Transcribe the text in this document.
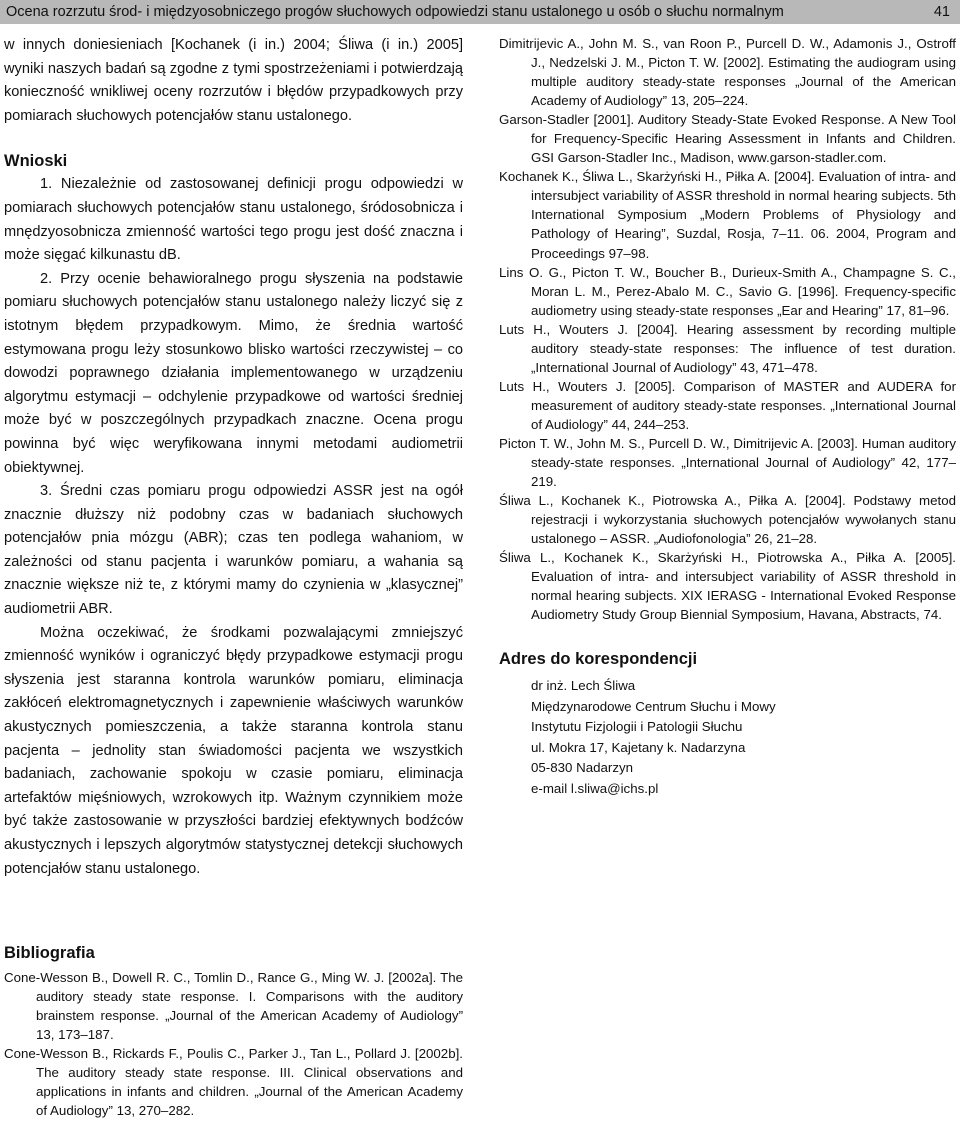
Ocena rozrzutu środ- i międzyosobniczego progów słuchowych odpowiedzi stanu ustalonego u osób o słuchu normalnym	41

w innych doniesieniach [Kochanek (i in.) 2004; Śliwa (i in.) 2005] wyniki naszych badań są zgodne z tymi spostrzeżeniami i potwierdzają konieczność wnikliwej oceny rozrzutów i błędów przypadkowych przy pomiarach słuchowych potencjałów stanu ustalonego.

Wnioski

1. Niezależnie od zastosowanej definicji progu odpowiedzi w pomiarach słuchowych potencjałów stanu ustalonego, śródosobnicza i mnędzyosobnicza zmienność wartości tego progu jest dość znaczna i może sięgać kilkunastu dB.

2. Przy ocenie behawioralnego progu słyszenia na podstawie pomiaru słuchowych potencjałów stanu ustalonego należy liczyć się z istotnym błędem przypadkowym. Mimo, że średnia wartość estymowana progu leży stosunkowo blisko wartości rzeczywistej – co dowodzi poprawnego działania implementowanego w urządzeniu algorytmu estymacji – odchylenie przypadkowe od wartości średniej może być w poszczególnych przypadkach znaczne. Ocena progu powinna być więc weryfikowana innymi metodami audiometrii obiektywnej.

3. Średni czas pomiaru progu odpowiedzi ASSR jest na ogół znacznie dłuższy niż podobny czas w badaniach słuchowych potencjałów pnia mózgu (ABR); czas ten podlega wahaniom, w zależności od stanu pacjenta i warunków pomiaru, a wahania są znacznie większe niż te, z którymi mamy do czynienia w „klasycznej” audiometrii ABR.

Można oczekiwać, że środkami pozwalającymi zmniejszyć zmienność wyników i ograniczyć błędy przypadkowe estymacji progu słyszenia jest staranna kontrola warunków pomiaru, eliminacja zakłóceń elektromagnetycznych i zapewnienie właściwych warunków akustycznych pomieszczenia, a także staranna kontrola stanu pacjenta – jednolity stan świadomości pacjenta we wszystkich badaniach, zachowanie spokoju w czasie pomiaru, eliminacja artefaktów mięśniowych, wzrokowych itp. Ważnym czynnikiem może być także zastosowanie w przyszłości bardziej efektywnych bodźców akustycznych i lepszych algorytmów statystycznej detekcji słuchowych potencjałów stanu ustalonego.

Bibliografia

Cone-Wesson B., Dowell R. C., Tomlin D., Rance G., Ming W. J. [2002a]. The auditory steady state response. I. Comparisons with the auditory brainstem response. „Journal of the American Academy of Audiology” 13, 173–187.

Cone-Wesson B., Rickards F., Poulis C., Parker J., Tan L., Pollard J. [2002b]. The auditory steady state response. III. Clinical observations and applications in infants and children. „Journal of the American Academy of Audiology” 13, 270–282.

Dimitrijevic A., John M. S., van Roon P., Purcell D. W., Adamonis J., Ostroff J., Nedzelski J. M., Picton T. W. [2002]. Estimating the audiogram using multiple auditory steady-state responses „Journal of the American Academy of Audiology” 13, 205–224.

Garson-Stadler [2001]. Auditory Steady-State Evoked Response. A New Tool for Frequency-Specific Hearing Assessment in Infants and Children. GSI Garson-Stadler Inc., Madison, www.garson-stadler.com.

Kochanek K., Śliwa L., Skarżyński H., Piłka A. [2004]. Evaluation of intra- and intersubject variability of ASSR threshold in normal hearing subjects. 5th International Symposium „Modern Problems of Physiology and Pathology of Hearing”, Suzdal, Rosja, 7–11. 06. 2004, Program and Proceedings 97–98.

Lins O. G., Picton T. W., Boucher B., Durieux-Smith A., Champagne S. C., Moran L. M., Perez-Abalo M. C., Savio G. [1996]. Frequency-specific audiometry using steady-state responses „Ear and Hearing” 17, 81–96.

Luts H., Wouters J. [2004]. Hearing assessment by recording multiple auditory steady-state responses: The influence of test duration. „International Journal of Audiology” 43, 471–478.

Luts H., Wouters J. [2005]. Comparison of MASTER and AUDERA for measurement of auditory steady-state responses. „International Journal of Audiology” 44, 244–253.

Picton T. W., John M. S., Purcell D. W., Dimitrijevic A. [2003]. Human auditory steady-state responses. „International Journal of Audiology” 42, 177–219.

Śliwa L., Kochanek K., Piotrowska A., Piłka A. [2004]. Podstawy metod rejestracji i wykorzystania słuchowych potencjałów wywołanych stanu ustalonego – ASSR. „Audiofonologia” 26, 21–28.

Śliwa L., Kochanek K., Skarżyński H., Piotrowska A., Piłka A. [2005]. Evaluation of intra- and intersubject variability of ASSR threshold in normal hearing subjects. XIX IERASG - International Evoked Response Audiometry Study Group Biennial Symposium, Havana, Abstracts, 74.

Adres do korespondencji
dr inż. Lech Śliwa
Międzynarodowe Centrum Słuchu i Mowy
Instytutu Fizjologii i Patologii Słuchu
ul. Mokra 17, Kajetany k. Nadarzyna
05-830 Nadarzyn
e-mail l.sliwa@ichs.pl
